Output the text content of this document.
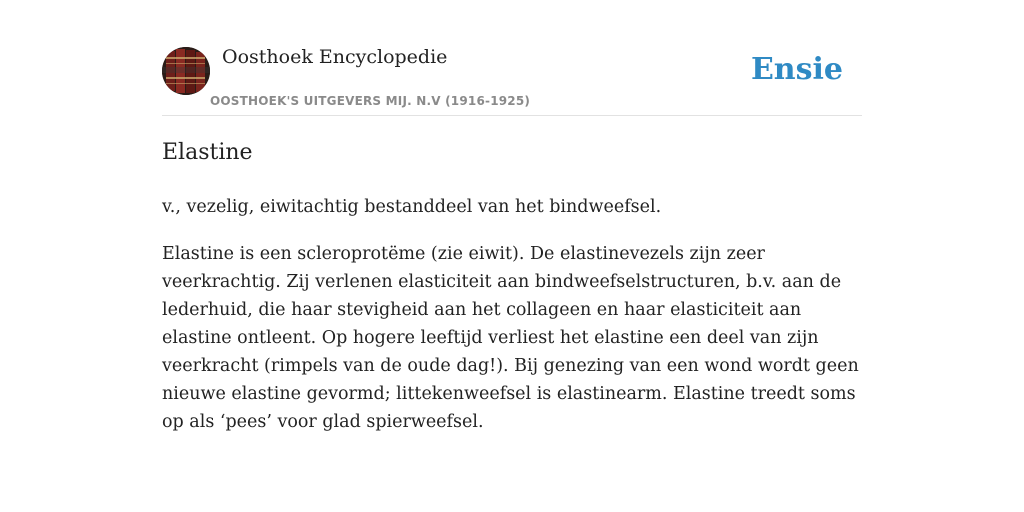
Oosthoek Encyclopedie
OOSTHOEK'S UITGEVERS MIJ. N.V (1916-1925)
Ensie
Elastine

v., vezelig, eiwitachtig bestanddeel van het bindweefsel.

Elastine is een scleroprotëme (zie eiwit). De elastinevezels zijn zeer veerkrachtig. Zij verlenen elasticiteit aan bindweefselstructuren, b.v. aan de lederhuid, die haar stevigheid aan het collageen en haar elasticiteit aan elastine ontleent. Op hogere leeftijd verliest het elastine een deel van zijn veerkracht (rimpels van de oude dag!). Bij genezing van een wond wordt geen nieuwe elastine gevormd; littekenweefsel is elastinearm. Elastine treedt soms op als ‘pees’ voor glad spierweefsel.
